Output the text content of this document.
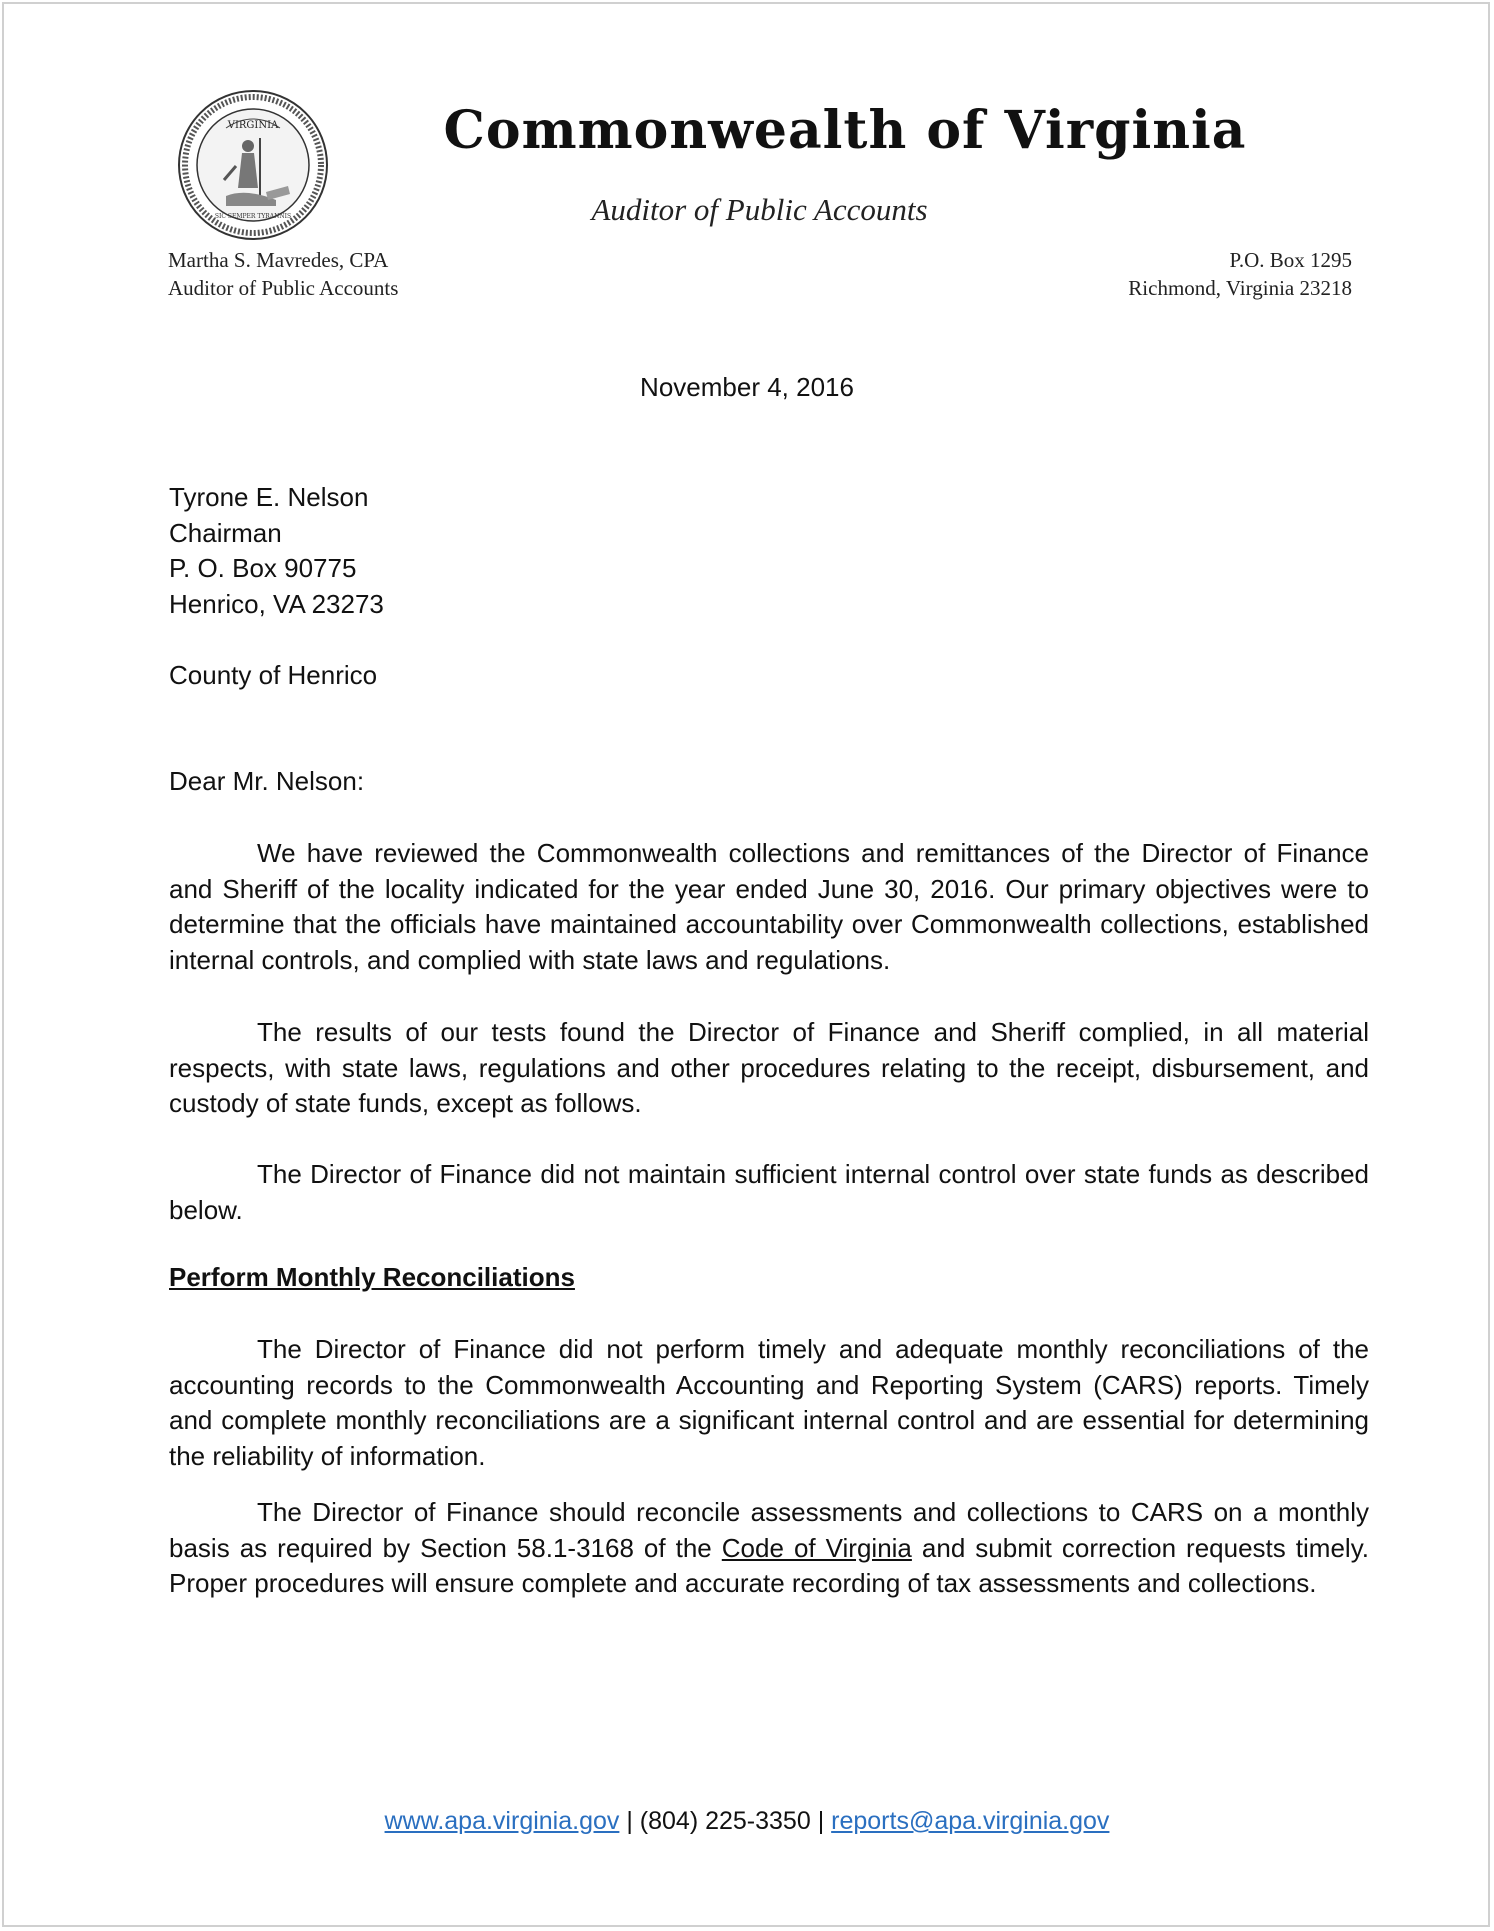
VIRGINIA
SIC SEMPER TYRANNIS
Commonwealth of Virginia
Auditor of Public Accounts
Martha S. Mavredes, CPA
Auditor of Public Accounts
P.O. Box 1295
Richmond, Virginia 23218
November 4, 2016
Tyrone E. Nelson
Chairman
P. O. Box 90775
Henrico, VA 23273
County of Henrico
Dear Mr. Nelson:
We have reviewed the Commonwealth collections and remittances of the Director of Finance and Sheriff of the locality indicated for the year ended June 30, 2016. Our primary objectives were to determine that the officials have maintained accountability over Commonwealth collections, established internal controls, and complied with state laws and regulations.
The results of our tests found the Director of Finance and Sheriff complied, in all material respects, with state laws, regulations and other procedures relating to the receipt, disbursement, and custody of state funds, except as follows.
The Director of Finance did not maintain sufficient internal control over state funds as described below.
Perform Monthly Reconciliations
The Director of Finance did not perform timely and adequate monthly reconciliations of the accounting records to the Commonwealth Accounting and Reporting System (CARS) reports. Timely and complete monthly reconciliations are a significant internal control and are essential for determining the reliability of information.
The Director of Finance should reconcile assessments and collections to CARS on a monthly basis as required by Section 58.1-3168 of the Code of Virginia and submit correction requests timely. Proper procedures will ensure complete and accurate recording of tax assessments and collections.
www.apa.virginia.gov | (804) 225-3350 | reports@apa.virginia.gov
